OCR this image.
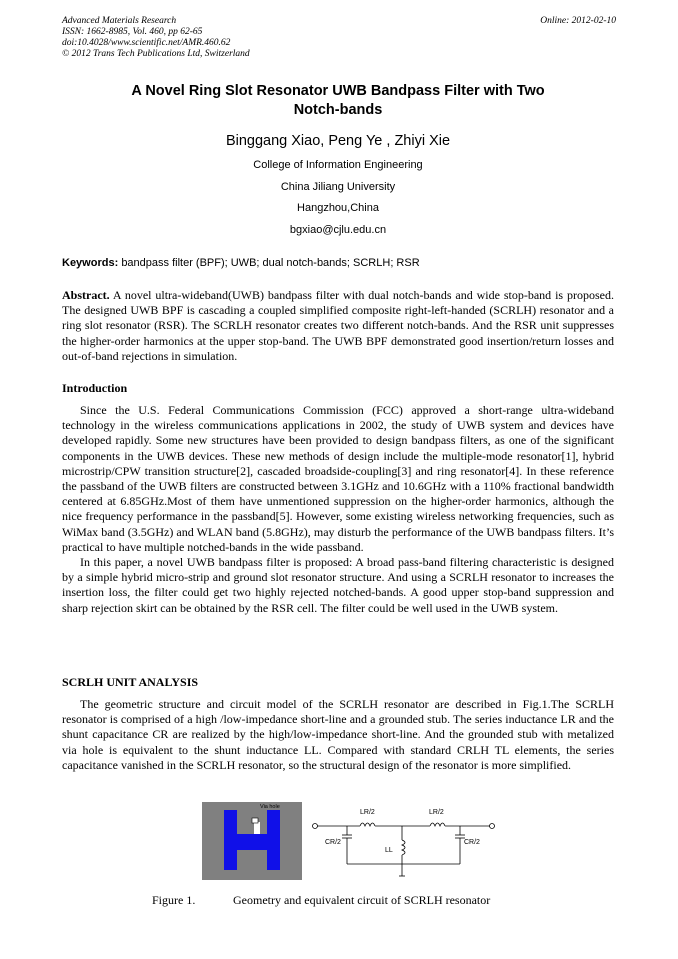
Advanced Materials Research
ISSN: 1662-8985, Vol. 460, pp 62-65
doi:10.4028/www.scientific.net/AMR.460.62
© 2012 Trans Tech Publications Ltd, Switzerland
Online: 2012-02-10
A Novel Ring Slot Resonator UWB Bandpass Filter with Two
Notch-bands
Binggang Xiao, Peng Ye , Zhiyi Xie
College of Information Engineering
China Jiliang University
Hangzhou,China
bgxiao@cjlu.edu.cn
Keywords: bandpass filter (BPF); UWB; dual notch-bands; SCRLH; RSR

Abstract. A novel ultra-wideband(UWB) bandpass filter with dual notch-bands and wide stop-band is proposed. The designed UWB BPF is cascading a coupled simplified composite right-left-handed (SCRLH) resonator and a ring slot resonator (RSR). The SCRLH resonator creates two different notch-bands. And the RSR unit suppresses the higher-order harmonics at the upper stop-band. The UWB BPF demonstrated good insertion/return losses and out-of-band rejections in simulation.

Introduction

Since the U.S. Federal Communications Commission (FCC) approved a short-range ultra-wideband technology in the wireless communications applications in 2002, the study of UWB system and devices have developed rapidly. Some new structures have been provided to design bandpass filters, as one of the significant components in the UWB devices. These new methods of design include the multiple-mode resonator[1], hybrid microstrip/CPW transition structure[2], cascaded broadside-coupling[3] and ring resonator[4]. In these reference the passband of the UWB filters are constructed between 3.1GHz and 10.6GHz with a 110% fractional bandwidth centered at 6.85GHz.Most of them have unmentioned suppression on the higher-order harmonics, although the nice frequency performance in the passband[5]. However, some existing wireless networking frequencies, such as WiMax band (3.5GHz) and WLAN band (5.8GHz), may disturb the performance of the UWB bandpass filters. It’s practical to have multiple notched-bands in the wide passband.

In this paper, a novel UWB bandpass filter is proposed: A broad pass-band filtering characteristic is designed by a simple hybrid micro-strip and ground slot resonator structure. And using a SCRLH resonator to increases the insertion loss, the filter could get two highly rejected notched-bands. A good upper stop-band suppression and sharp rejection skirt can be obtained by the RSR cell. The filter could be well used in the UWB system.

SCRLH UNIT ANALYSIS

The geometric structure and circuit model of the SCRLH resonator are described in Fig.1.The SCRLH resonator is comprised of a high /low-impedance short-line and a grounded stub. The series inductance LR and the shunt capacitance CR are realized by the high/low-impedance short-line. And the grounded stub with metalized via hole is equivalent to the shunt inductance LL. Compared with standard CRLH TL elements, the series capacitance vanished in the SCRLH resonator, so the structural design of the resonator is more simplified.

Via hole
LR/2	LR/2
CR/2	CR/2
LL
Figure 1.	Geometry and equivalent circuit of SCRLH resonator
